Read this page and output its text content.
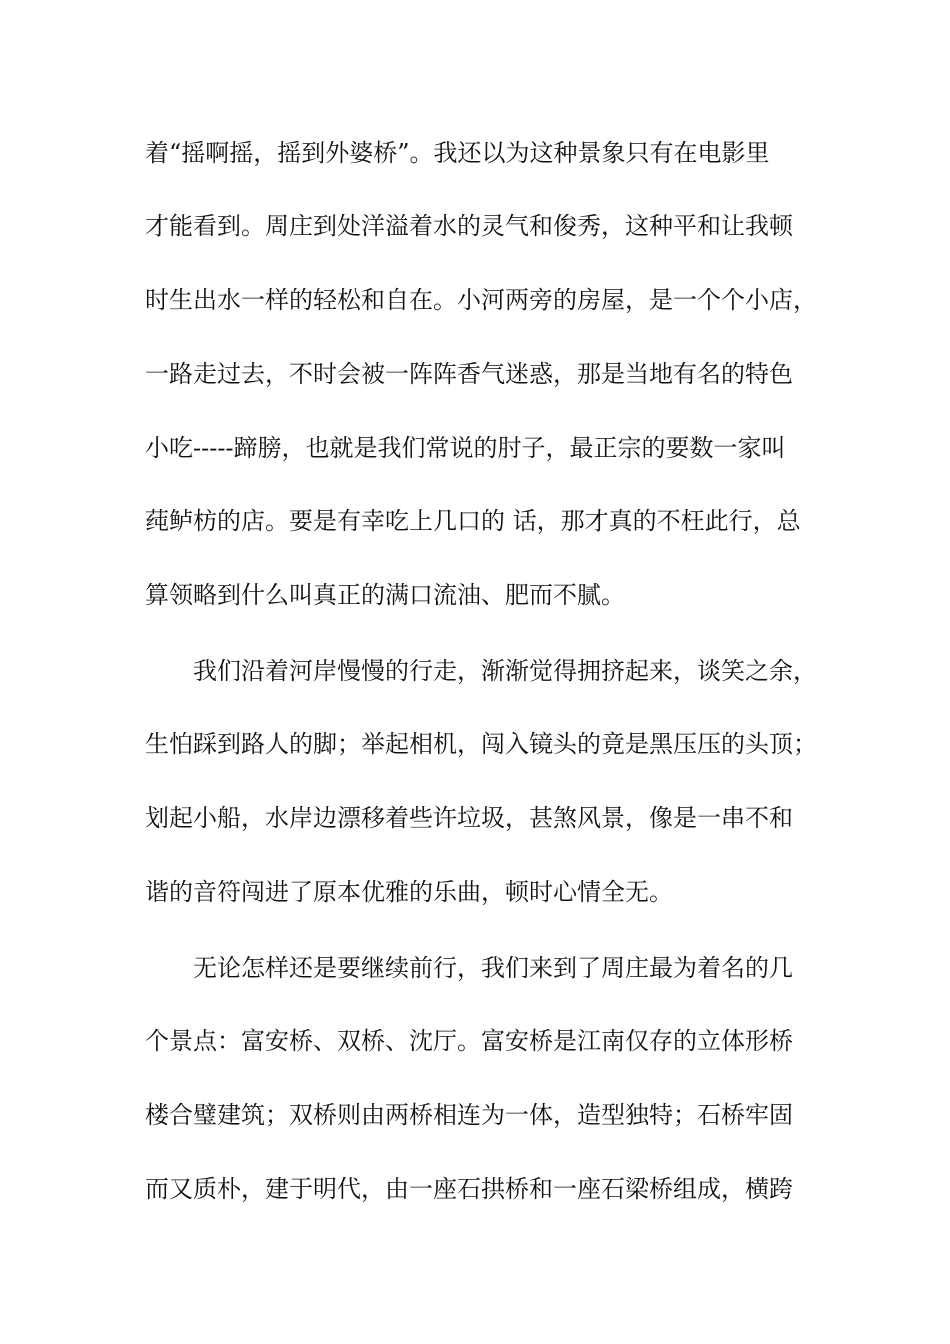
着“摇啊摇，摇到外婆桥”。我还以为这种景象只有在电影里
才能看到。周庄到处洋溢着水的灵气和俊秀，这种平和让我顿
时生出水一样的轻松和自在。小河两旁的房屋，是一个个小店，
一路走过去，不时会被一阵阵香气迷惑，那是当地有名的特色
小吃-----蹄膀，也就是我们常说的肘子，最正宗的要数一家叫
莼鲈枋的店。要是有幸吃上几口的 话，那才真的不枉此行，总
算领略到什么叫真正的满口流油、肥而不腻。
　　我们沿着河岸慢慢的行走，渐渐觉得拥挤起来，谈笑之余，
生怕踩到路人的脚；举起相机，闯入镜头的竟是黑压压的头顶；
划起小船，水岸边漂移着些许垃圾，甚煞风景，像是一串不和
谐的音符闯进了原本优雅的乐曲，顿时心情全无。
　　无论怎样还是要继续前行，我们来到了周庄最为着名的几
个景点：富安桥、双桥、沈厅。富安桥是江南仅存的立体形桥
楼合璧建筑；双桥则由两桥相连为一体，造型独特；石桥牢固
而又质朴，建于明代，由一座石拱桥和一座石梁桥组成，横跨
